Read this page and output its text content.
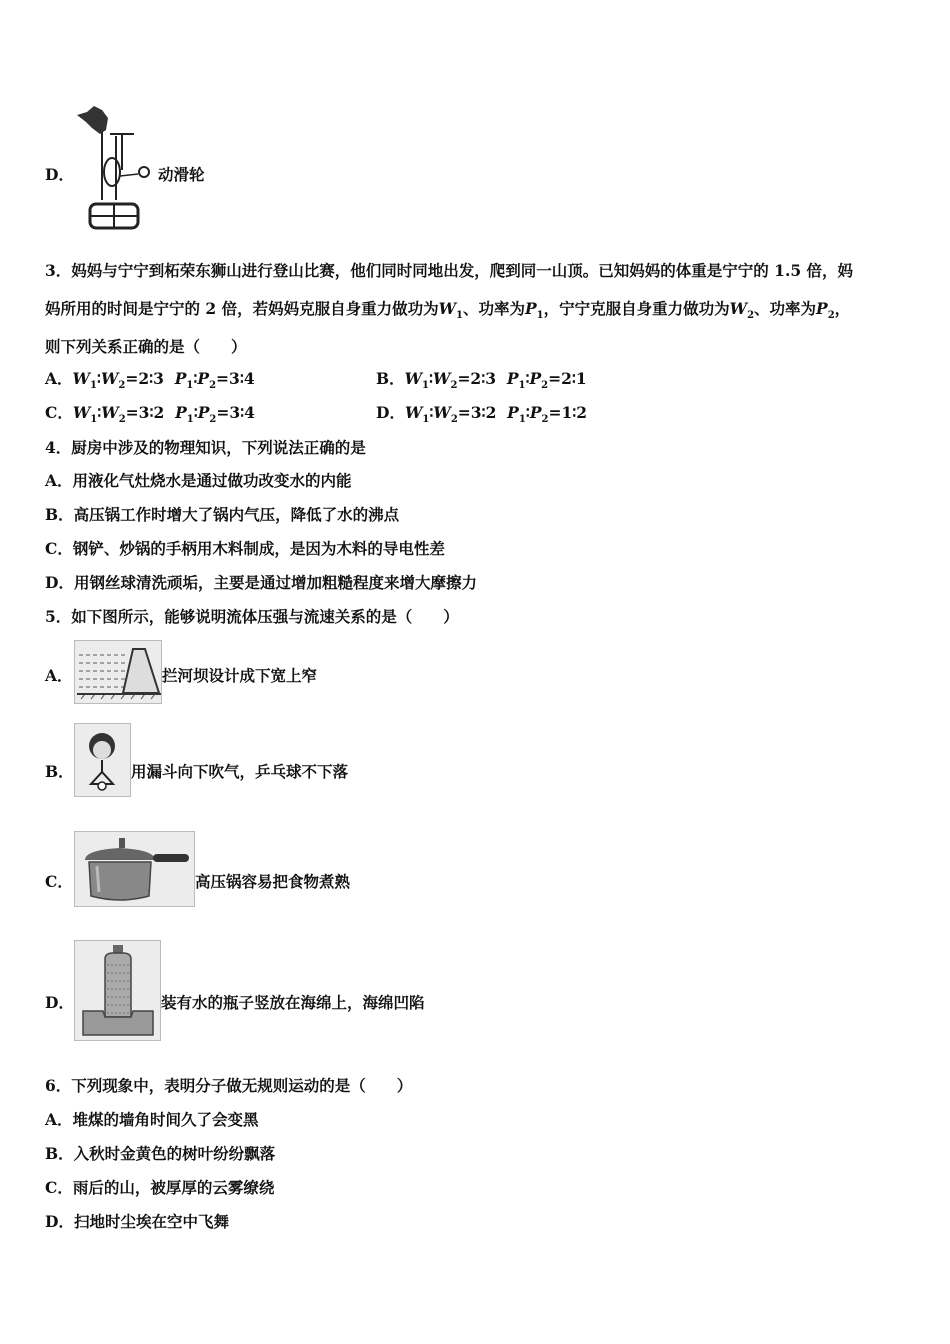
D．	动滑轮
3．妈妈与宁宁到柘荣东狮山进行登山比赛，他们同时同地出发，爬到同一山顶。已知妈妈的体重是宁宁的 1.5 倍，妈
妈所用的时间是宁宁的 2 倍，若妈妈克服自身重力做功为$W_1$、功率为$P_1$，宁宁克服自身重力做功为$W_2$、功率为$P_2$，
则下列关系正确的是（　　）
A．$W_1∶W_2=2∶3$ $P_1∶P_2=3∶4$	B．$W_1∶W_2=2∶3$ $P_1∶P_2=2∶1$
C．$W_1∶W_2=3∶2$ $P_1∶P_2=3∶4$	D．$W_1∶W_2=3∶2$ $P_1∶P_2=1∶2$
4．厨房中涉及的物理知识，下列说法正确的是
A．用液化气灶烧水是通过做功改变水的内能
B．高压锅工作时增大了锅内气压，降低了水的沸点
C．钢铲、炒锅的手柄用木料制成，是因为木料的导电性差
D．用钢丝球清洗顽垢，主要是通过增加粗糙程度来增大摩擦力
5．如下图所示，能够说明流体压强与流速关系的是（　　）
A．	拦河坝设计成下宽上窄
B．	用漏斗向下吹气，乒乓球不下落
C．	高压锅容易把食物煮熟
D．	装有水的瓶子竖放在海绵上，海绵凹陷
6．下列现象中，表明分子做无规则运动的是（　　）
A．堆煤的墙角时间久了会变黑
B．入秋时金黄色的树叶纷纷飘落
C．雨后的山，被厚厚的云雾缭绕
D．扫地时尘埃在空中飞舞
